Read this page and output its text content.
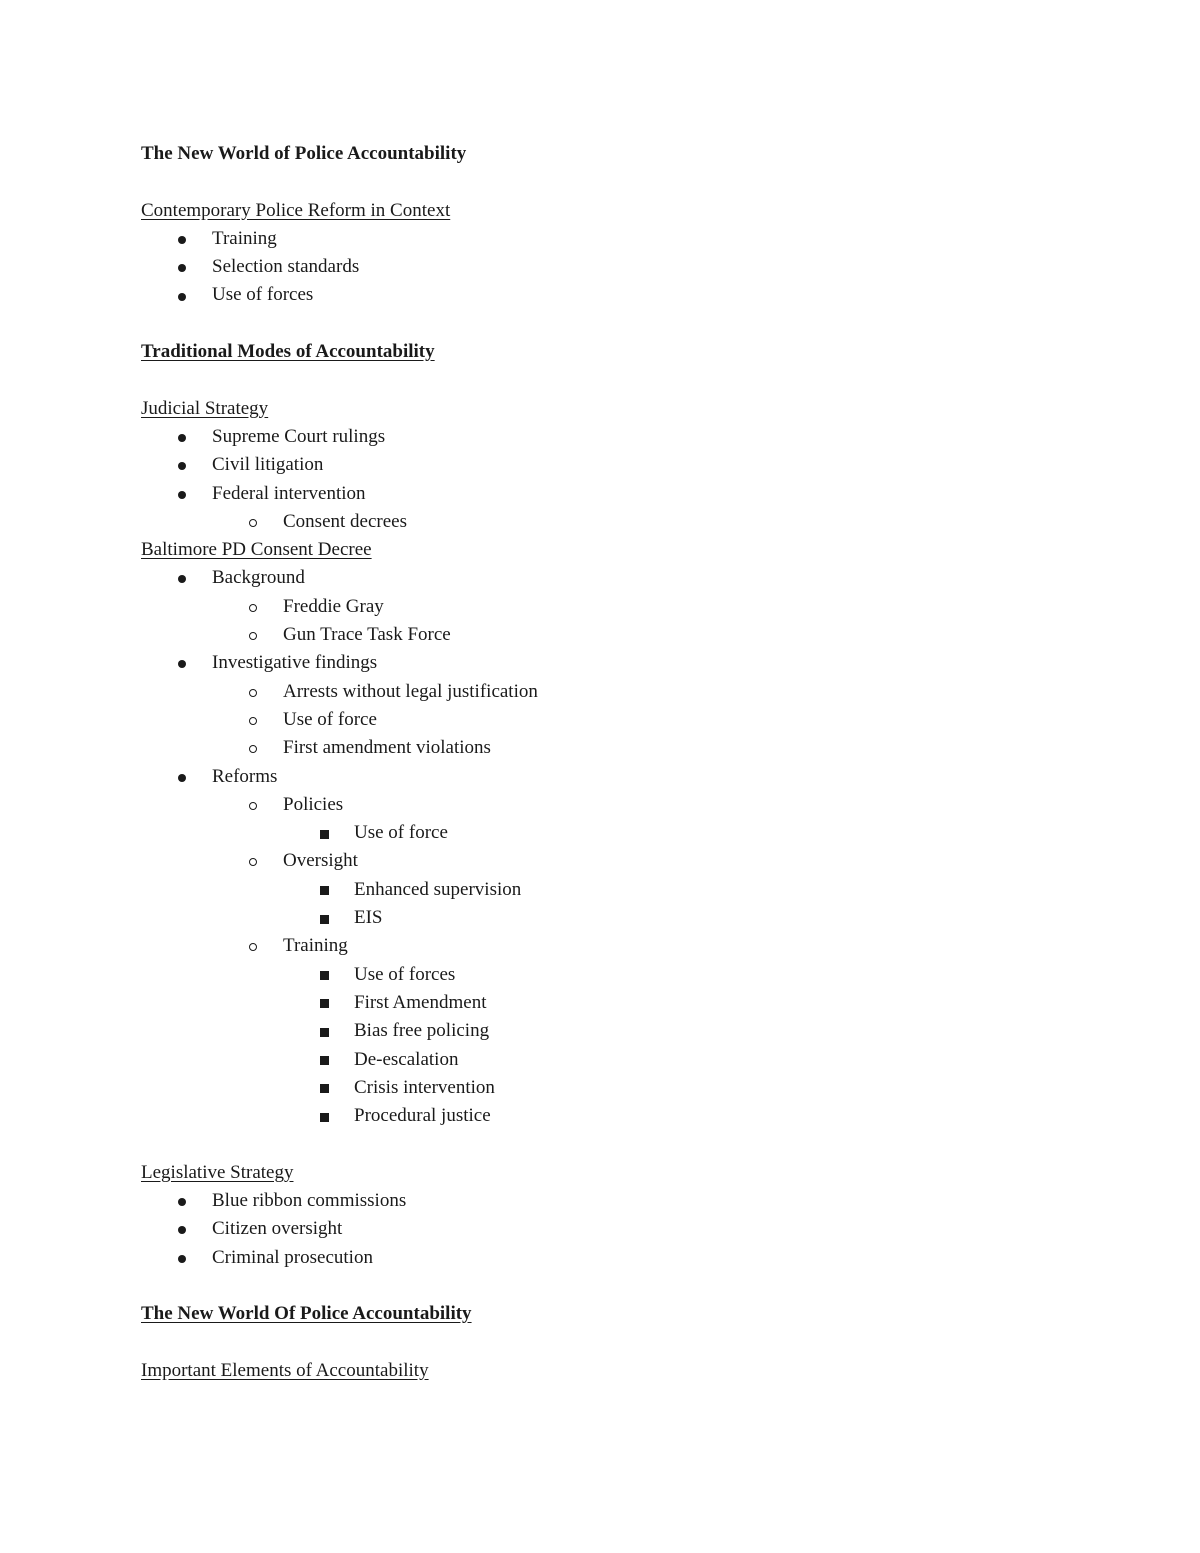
The New World of Police Accountability
Contemporary Police Reform in Context
Training
Selection standards
Use of forces
Traditional Modes of Accountability
Judicial Strategy
Supreme Court rulings
Civil litigation
Federal intervention
Consent decrees
Baltimore PD Consent Decree
Background
Freddie Gray
Gun Trace Task Force
Investigative findings
Arrests without legal justification
Use of force
First amendment violations
Reforms
Policies
Use of force
Oversight
Enhanced supervision
EIS
Training
Use of forces
First Amendment
Bias free policing
De-escalation
Crisis intervention
Procedural justice
Legislative Strategy
Blue ribbon commissions
Citizen oversight
Criminal prosecution
The New World Of Police Accountability
Important Elements of Accountability
